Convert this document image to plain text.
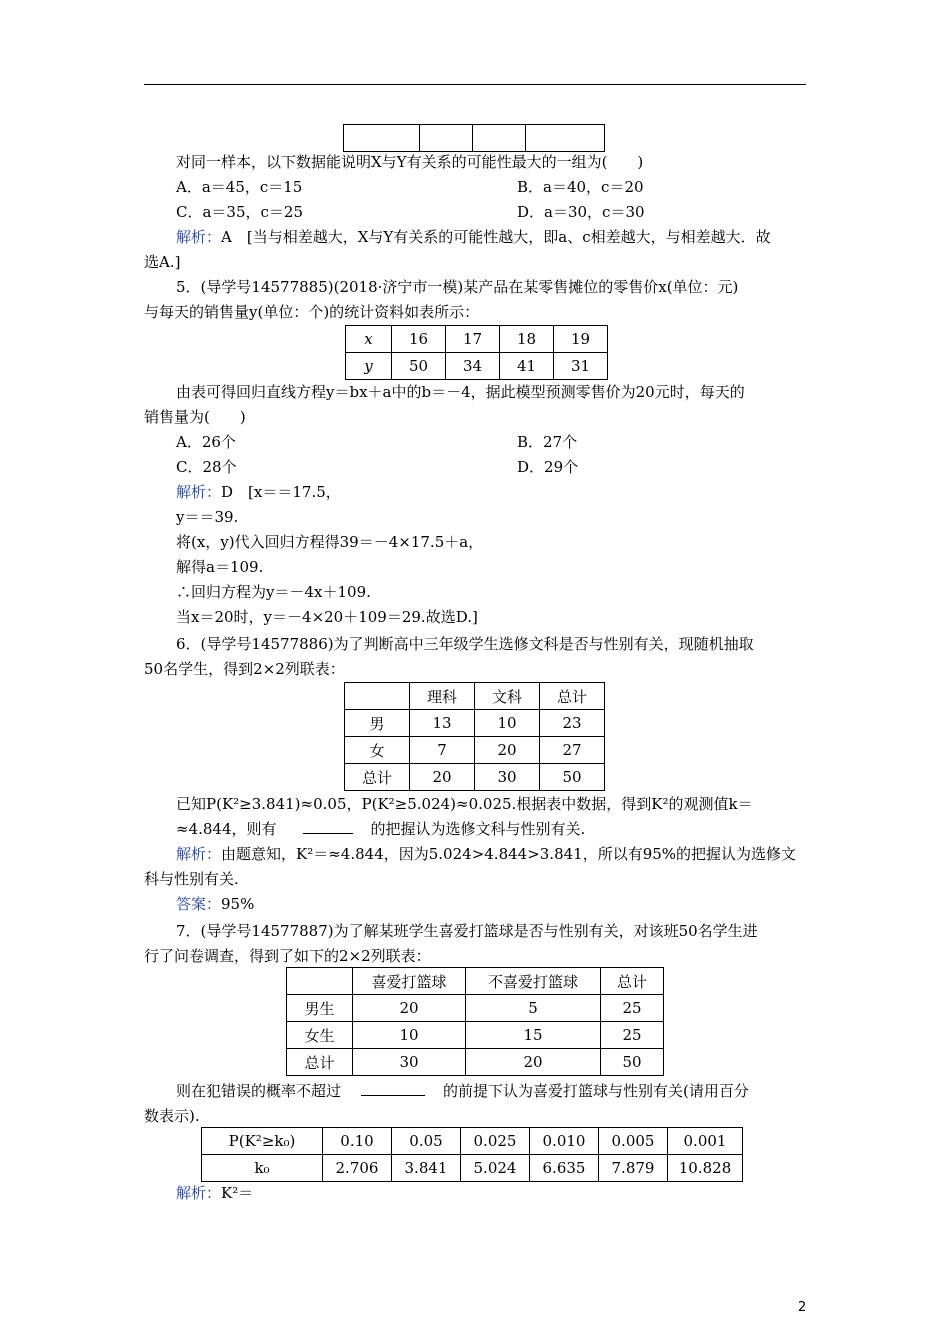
对同一样本，以下数据能说明X与Y有关系的可能性最大的一组为(　　)
A．a＝45，c＝15	B．a＝40，c＝20
C．a＝35，c＝25	D．a＝30，c＝30
解析：A　[当与相差越大，X与Y有关系的可能性越大，即a、c相差越大，与相差越大．故
选A.]
5．(导学号14577885)(2018·济宁市一模)某产品在某零售摊位的零售价x(单位：元)
与每天的销售量y(单位：个)的统计资料如表所示：
x	16	17	18	19
y	50	34	41	31
由表可得回归直线方程y＝bx＋a中的b＝－4，据此模型预测零售价为20元时，每天的
销售量为(　　)
A．26个	B．27个
C．28个	D．29个
解析：D　[x＝＝17.5，
y＝＝39.
将(x，y)代入回归方程得39＝－4×17.5＋a，
解得a＝109.
∴回归方程为y＝－4x＋109.
当x＝20时，y＝－4×20＋109＝29.故选D.]
6．(导学号14577886)为了判断高中三年级学生选修文科是否与性别有关，现随机抽取
50名学生，得到2×2列联表：
	理科	文科	总计
男	13	10	23
女	7	20	27
总计	20	30	50
已知P(K²≥3.841)≈0.05，P(K²≥5.024)≈0.025.根据表中数据，得到K²的观测值k＝
≈4.844，则有	的把握认为选修文科与性别有关.
解析：由题意知，K²＝≈4.844，因为5.024>4.844>3.841，所以有95%的把握认为选修文
科与性别有关.
答案：95%
7．(导学号14577887)为了解某班学生喜爱打篮球是否与性别有关，对该班50名学生进
行了问卷调查，得到了如下的2×2列联表：
	喜爱打篮球	不喜爱打篮球	总计
男生	20	5	25
女生	10	15	25
总计	30	20	50
则在犯错误的概率不超过	的前提下认为喜爱打篮球与性别有关(请用百分
数表示).
P(K²≥k₀)	0.10	0.05	0.025	0.010	0.005	0.001
k₀	2.706	3.841	5.024	6.635	7.879	10.828
解析：K²＝
2
